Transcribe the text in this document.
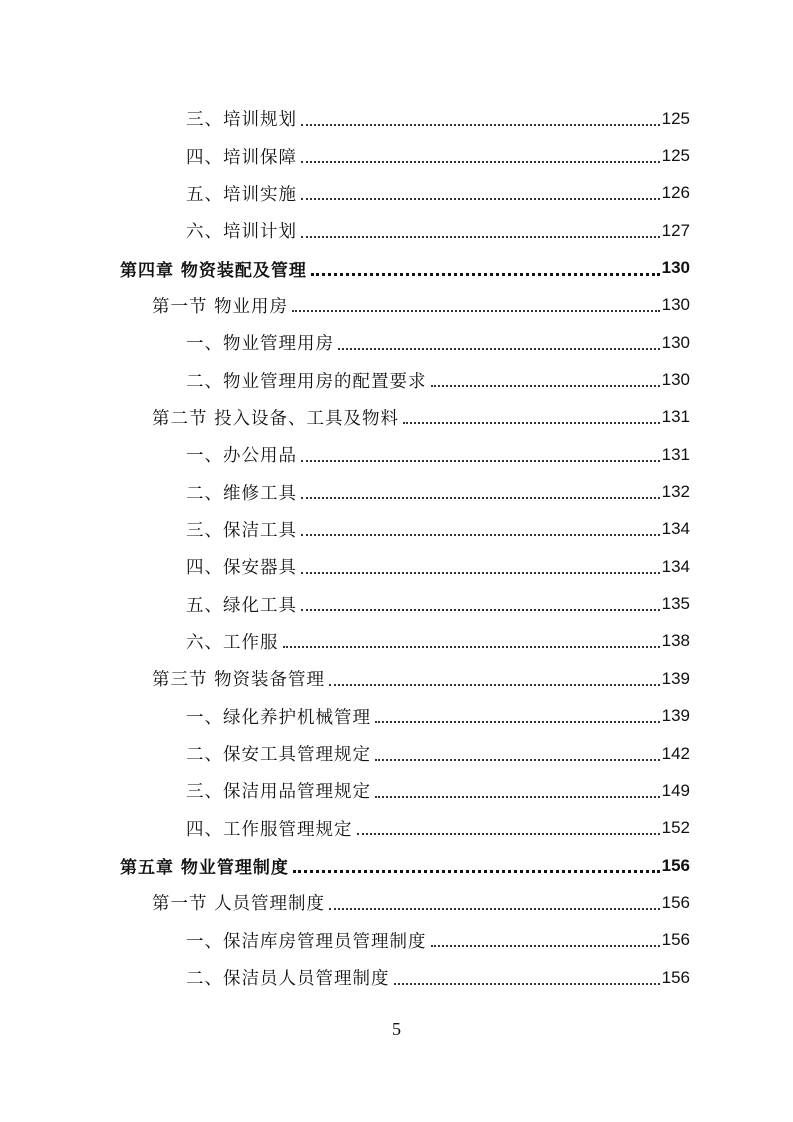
三、培训规划	125
四、培训保障	125
五、培训实施	126
六、培训计划	127
第四章 物资装配及管理	130
第一节 物业用房	130
一、物业管理用房	130
二、物业管理用房的配置要求	130
第二节 投入设备、工具及物料	131
一、办公用品	131
二、维修工具	132
三、保洁工具	134
四、保安器具	134
五、绿化工具	135
六、工作服	138
第三节 物资装备管理	139
一、绿化养护机械管理	139
二、保安工具管理规定	142
三、保洁用品管理规定	149
四、工作服管理规定	152
第五章 物业管理制度	156
第一节 人员管理制度	156
一、保洁库房管理员管理制度	156
二、保洁员人员管理制度	156
5
